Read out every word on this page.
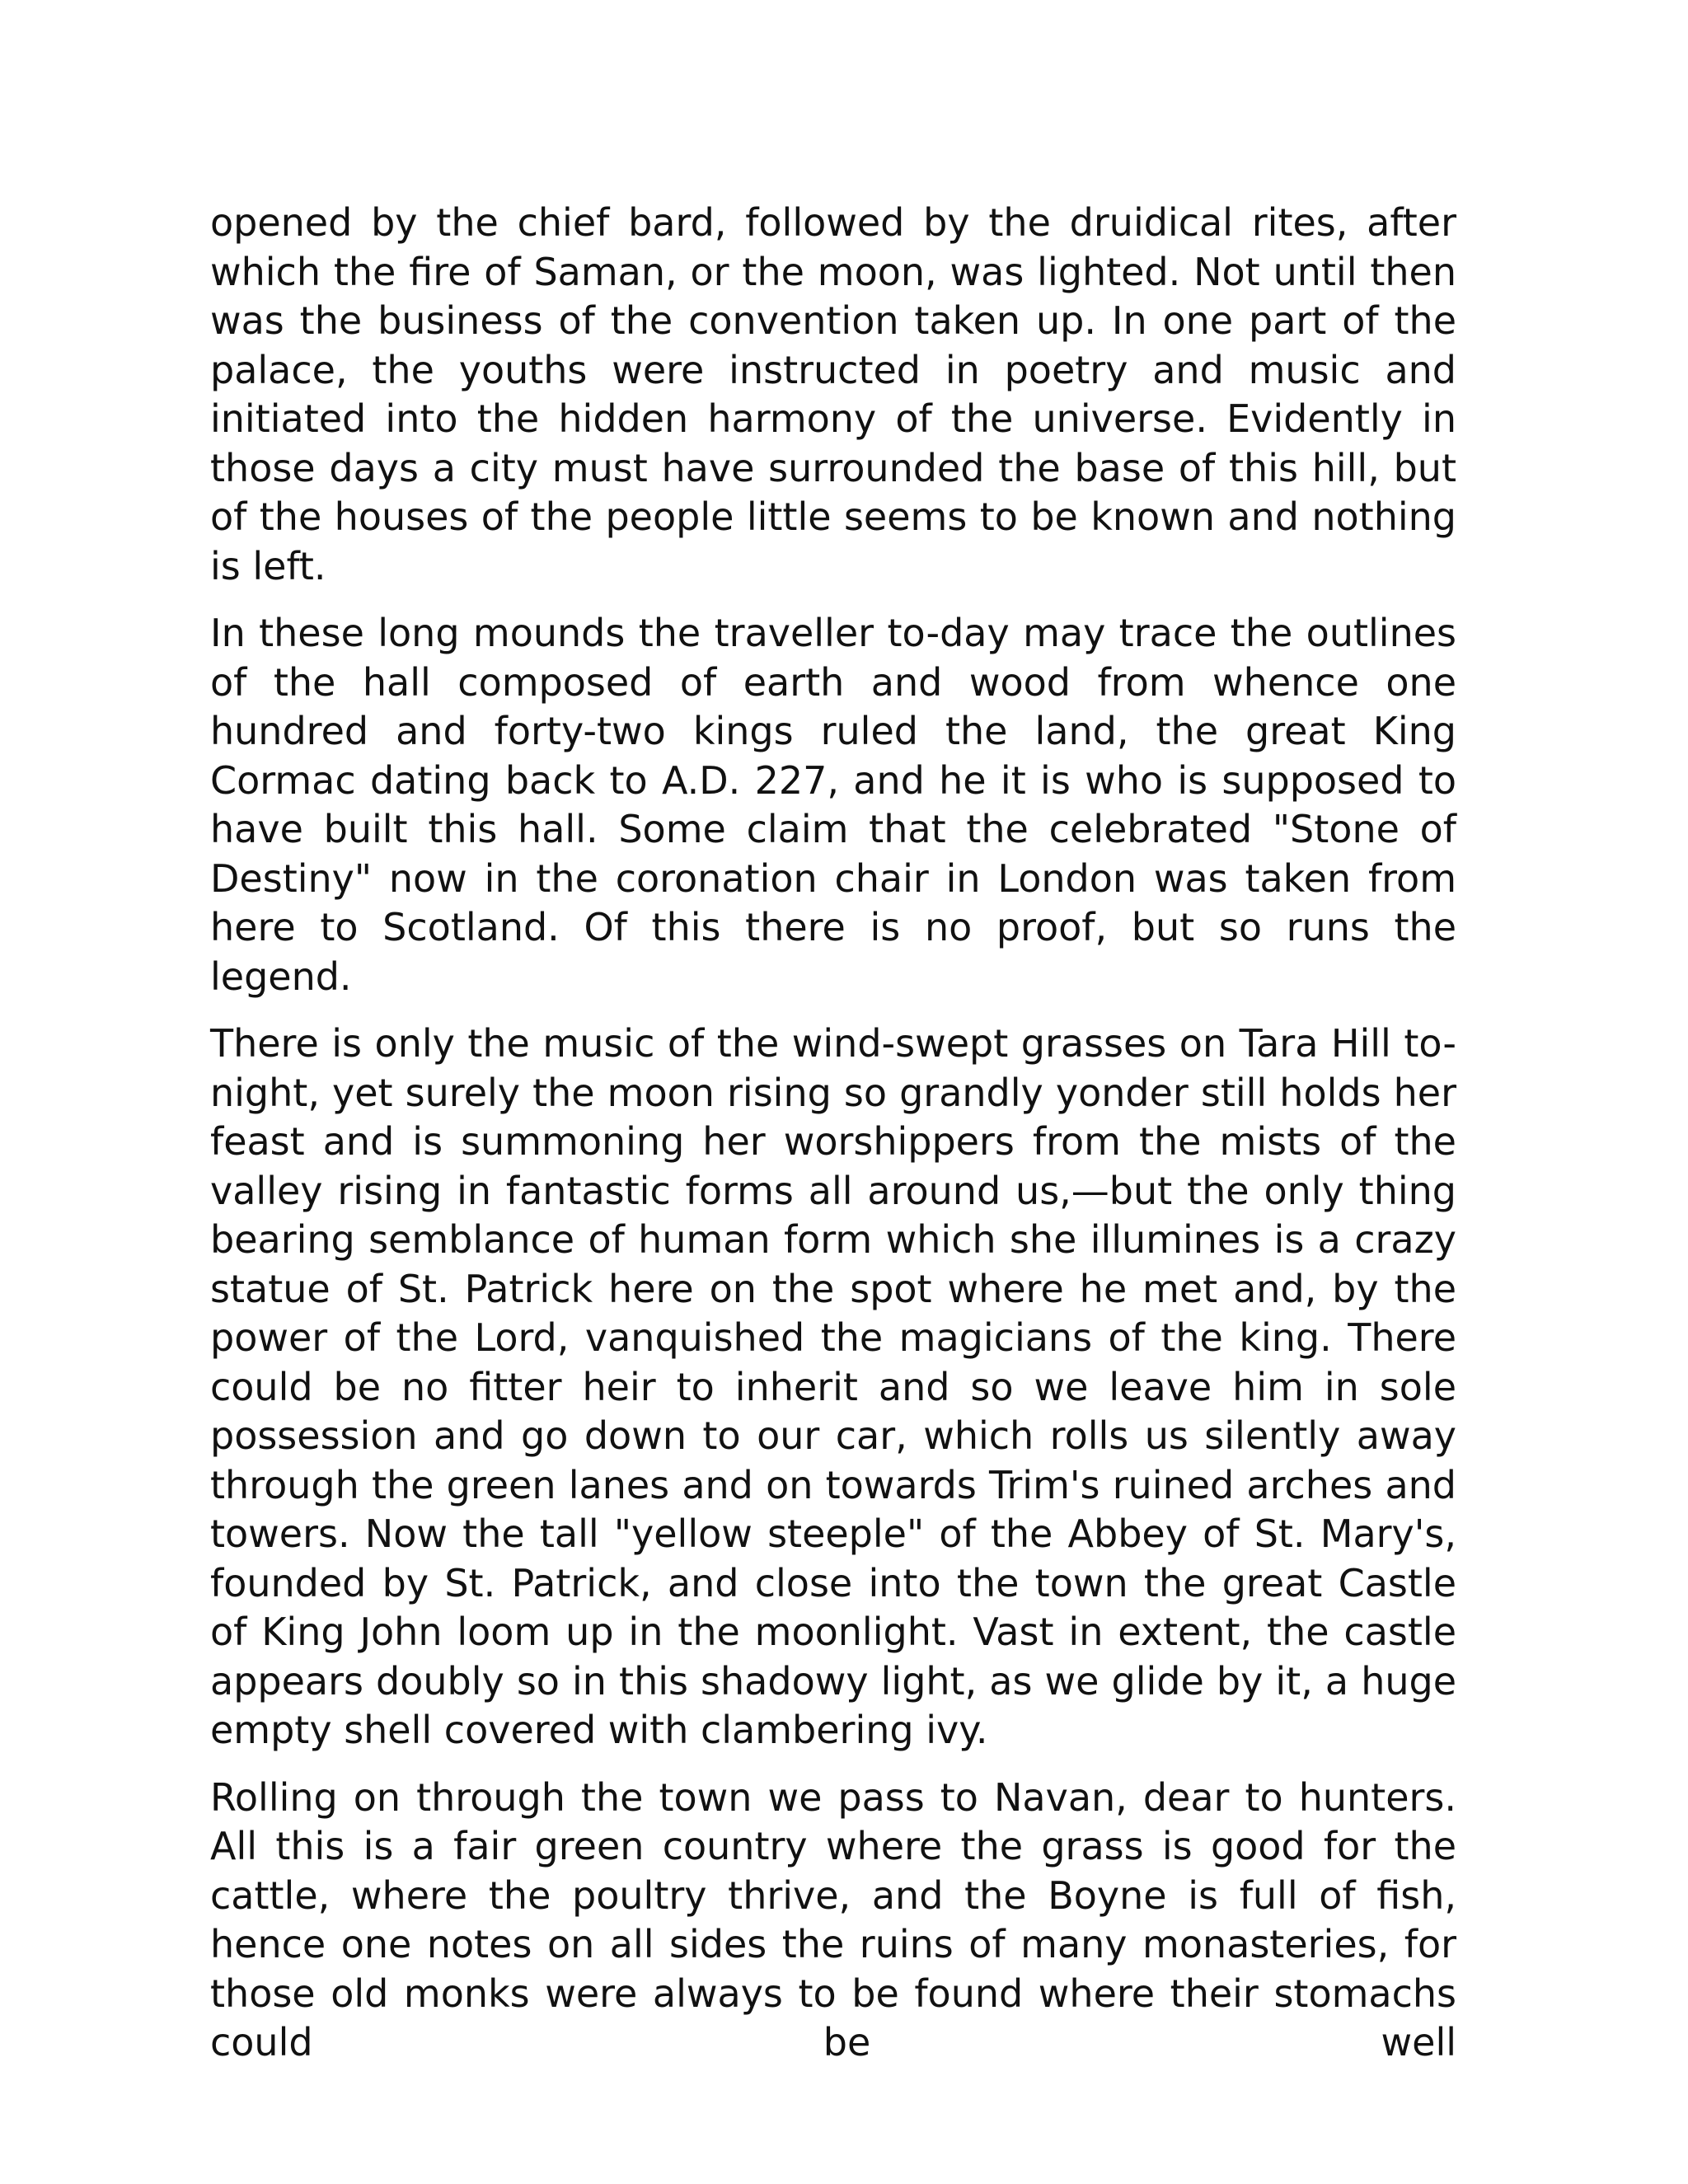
opened by the chief bard, followed by the druidical rites, after which the fire of Saman, or the moon, was lighted. Not until then was the business of the convention taken up. In one part of the palace, the youths were instructed in poetry and music and initiated into the hidden harmony of the universe. Evidently in those days a city must have surrounded the base of this hill, but of the houses of the people little seems to be known and nothing is left.

In these long mounds the traveller to-day may trace the outlines of the hall composed of earth and wood from whence one hundred and forty-two kings ruled the land, the great King Cormac dating back to A.D. 227, and he it is who is supposed to have built this hall. Some claim that the celebrated "Stone of Destiny" now in the coronation chair in London was taken from here to Scotland. Of this there is no proof, but so runs the legend.

There is only the music of the wind-swept grasses on Tara Hill to-night, yet surely the moon rising so grandly yonder still holds her feast and is summoning her worshippers from the mists of the valley rising in fantastic forms all around us,—but the only thing bearing semblance of human form which she illumines is a crazy statue of St. Patrick here on the spot where he met and, by the power of the Lord, vanquished the magicians of the king. There could be no fitter heir to inherit and so we leave him in sole possession and go down to our car, which rolls us silently away through the green lanes and on towards Trim's ruined arches and towers. Now the tall "yellow steeple" of the Abbey of St. Mary's, founded by St. Patrick, and close into the town the great Castle of King John loom up in the moonlight. Vast in extent, the castle appears doubly so in this shadowy light, as we glide by it, a huge empty shell covered with clambering ivy.

Rolling on through the town we pass to Navan, dear to hunters. All this is a fair green country where the grass is good for the cattle, where the poultry thrive, and the Boyne is full of fish, hence one notes on all sides the ruins of many monasteries, for those old monks were always to be found where their stomachs could be well
